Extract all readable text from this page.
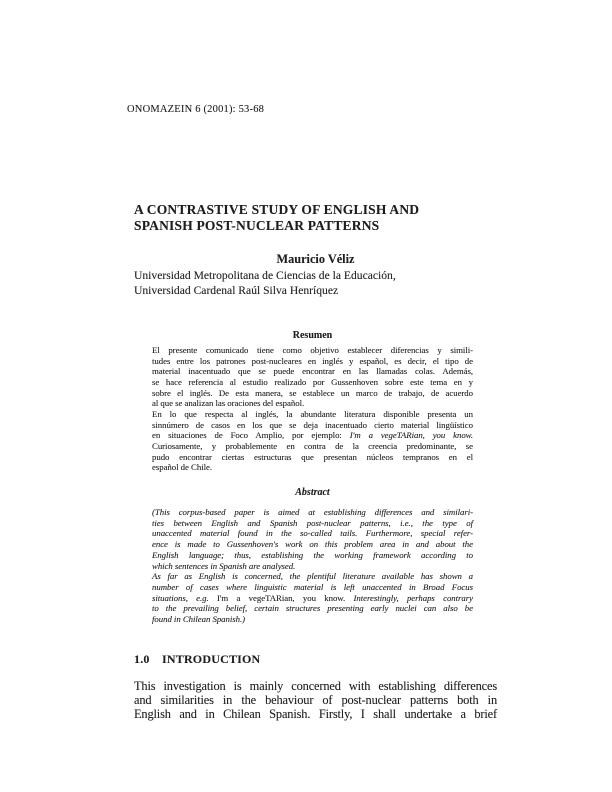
ONOMAZEIN 6 (2001): 53-68
A CONTRASTIVE STUDY OF ENGLISH AND
SPANISH POST-NUCLEAR PATTERNS
Mauricio Véliz
Universidad Metropolitana de Ciencias de la Educación,
Universidad Cardenal Raúl Silva Henríquez
Resumen
El presente comunicado tiene como objetivo establecer diferencias y simili-
tudes entre los patrones post-nucleares en inglés y español, es decir, el tipo de
material inacentuado que se puede encontrar en las llamadas colas. Además,
se hace referencia al estudio realizado por Gussenhoven sobre este tema en y
sobre el inglés. De esta manera, se establece un marco de trabajo, de acuerdo
al que se analizan las oraciones del español.
En lo que respecta al inglés, la abundante literatura disponible presenta un
sinnúmero de casos en los que se deja inacentuado cierto material lingüístico
en situaciones de Foco Amplio, por ejemplo: I'm a vegeTARian, you know.
Curiosamente, y probablemente en contra de la creencia predominante, se
pudo encontrar ciertas estructuras que presentan núcleos tempranos en el
español de Chile.
Abstract
(This corpus-based paper is aimed at establishing differences and similari-
ties between English and Spanish post-nuclear patterns, i.e., the type of
unaccented material found in the so-called tails. Furthermore, special refer-
ence is made to Gussenhoven's work on this problem area in and about the
English language; thus, establishing the working framework according to
which sentences in Spanish are analysed.
As far as English is concerned, the plentiful literature available has shown a
number of cases where linguistic material is left unaccented in Broad Focus
situations, e.g. I'm a vegeTARian, you know. Interestingly, perhaps contrary
to the prevailing belief, certain structures presenting early nuclei can also be
found in Chilean Spanish.)
1.0 INTRODUCTION
This investigation is mainly concerned with establishing differences
and similarities in the behaviour of post-nuclear patterns both in
English and in Chilean Spanish. Firstly, I shall undertake a brief
